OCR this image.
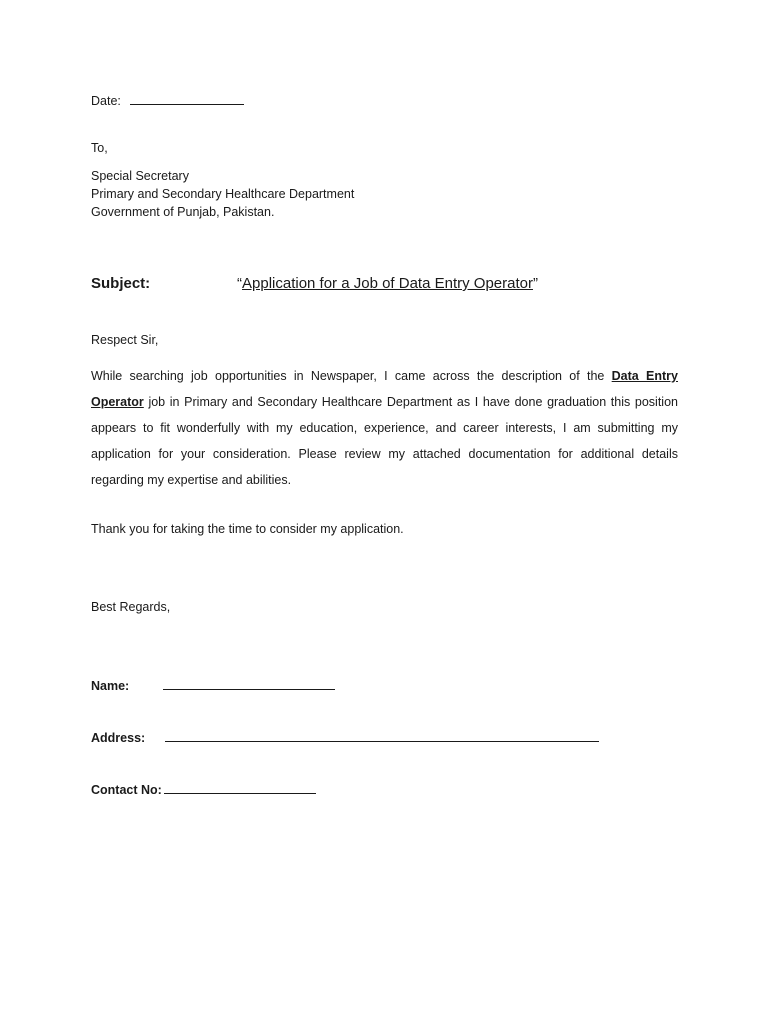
Date:
To,
Special Secretary
Primary and Secondary Healthcare Department
Government of Punjab, Pakistan.
Subject:	“Application for a Job of Data Entry Operator”
Respect Sir,
While searching job opportunities in Newspaper, I came across the description of the Data Entry Operator job in Primary and Secondary Healthcare Department as I have done graduation this position appears to fit wonderfully with my education, experience, and career interests, I am submitting my application for your consideration. Please review my attached documentation for additional details regarding my expertise and abilities.
Thank you for taking the time to consider my application.
Best Regards,
Name:
Address:
Contact No:
